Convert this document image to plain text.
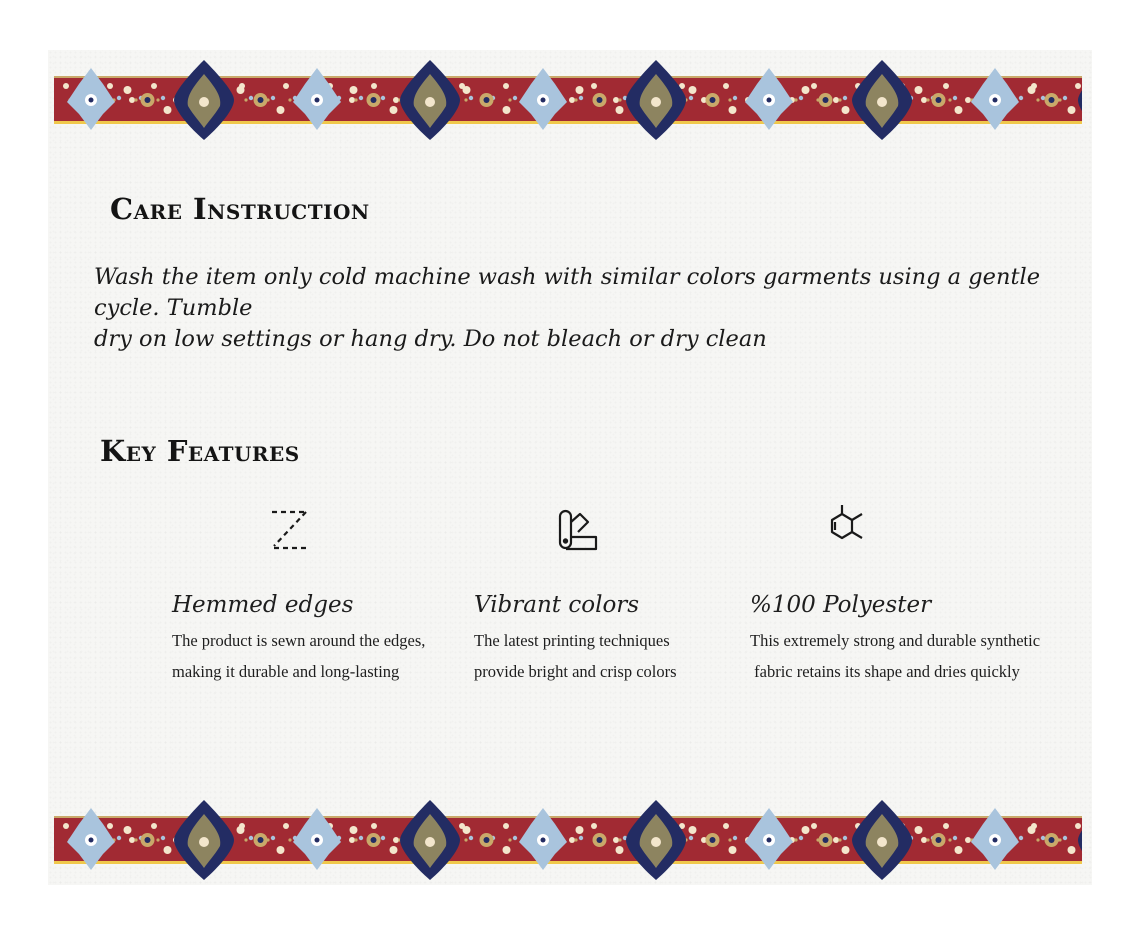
Care Instruction

Wash the item only cold machine wash with similar colors garments using a gentle cycle. Tumble
dry on low settings or hang dry. Do not bleach or dry clean

Key Features

Hemmed edges

The product is sewn around the edges,
making it durable and long-lasting

Vibrant colors

The latest printing techniques
provide bright and crisp colors

%100 Polyester

This extremely strong and durable synthetic
fabric retains its shape and dries quickly
